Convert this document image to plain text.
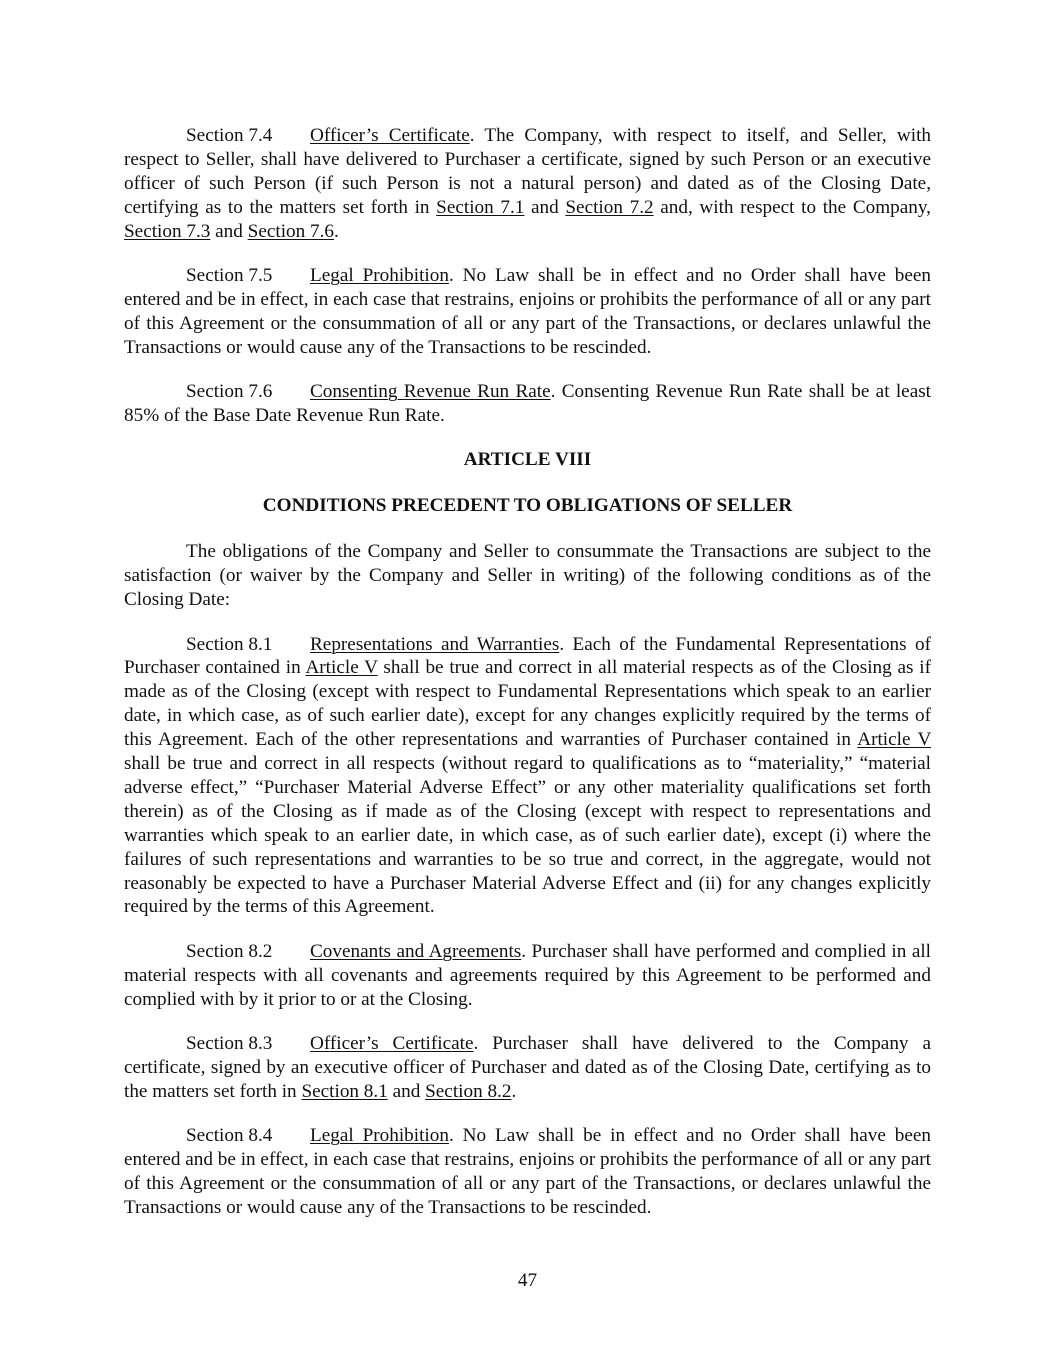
Section 7.4 Officer’s Certificate. The Company, with respect to itself, and Seller, with respect to Seller, shall have delivered to Purchaser a certificate, signed by such Person or an executive officer of such Person (if such Person is not a natural person) and dated as of the Closing Date, certifying as to the matters set forth in Section 7.1 and Section 7.2 and, with respect to the Company, Section 7.3 and Section 7.6.

Section 7.5 Legal Prohibition. No Law shall be in effect and no Order shall have been entered and be in effect, in each case that restrains, enjoins or prohibits the performance of all or any part of this Agreement or the consummation of all or any part of the Transactions, or declares unlawful the Transactions or would cause any of the Transactions to be rescinded.

Section 7.6 Consenting Revenue Run Rate. Consenting Revenue Run Rate shall be at least 85% of the Base Date Revenue Run Rate.

ARTICLE VIII

CONDITIONS PRECEDENT TO OBLIGATIONS OF SELLER

The obligations of the Company and Seller to consummate the Transactions are subject to the satisfaction (or waiver by the Company and Seller in writing) of the following conditions as of the Closing Date:

Section 8.1 Representations and Warranties. Each of the Fundamental Representations of Purchaser contained in Article V shall be true and correct in all material respects as of the Closing as if made as of the Closing (except with respect to Fundamental Representations which speak to an earlier date, in which case, as of such earlier date), except for any changes explicitly required by the terms of this Agreement. Each of the other representations and warranties of Purchaser contained in Article V shall be true and correct in all respects (without regard to qualifications as to “materiality,” “material adverse effect,” “Purchaser Material Adverse Effect” or any other materiality qualifications set forth therein) as of the Closing as if made as of the Closing (except with respect to representations and warranties which speak to an earlier date, in which case, as of such earlier date), except (i) where the failures of such representations and warranties to be so true and correct, in the aggregate, would not reasonably be expected to have a Purchaser Material Adverse Effect and (ii) for any changes explicitly required by the terms of this Agreement.

Section 8.2 Covenants and Agreements. Purchaser shall have performed and complied in all material respects with all covenants and agreements required by this Agreement to be performed and complied with by it prior to or at the Closing.

Section 8.3 Officer’s Certificate. Purchaser shall have delivered to the Company a certificate, signed by an executive officer of Purchaser and dated as of the Closing Date, certifying as to the matters set forth in Section 8.1 and Section 8.2.

Section 8.4 Legal Prohibition. No Law shall be in effect and no Order shall have been entered and be in effect, in each case that restrains, enjoins or prohibits the performance of all or any part of this Agreement or the consummation of all or any part of the Transactions, or declares unlawful the Transactions or would cause any of the Transactions to be rescinded.

47
